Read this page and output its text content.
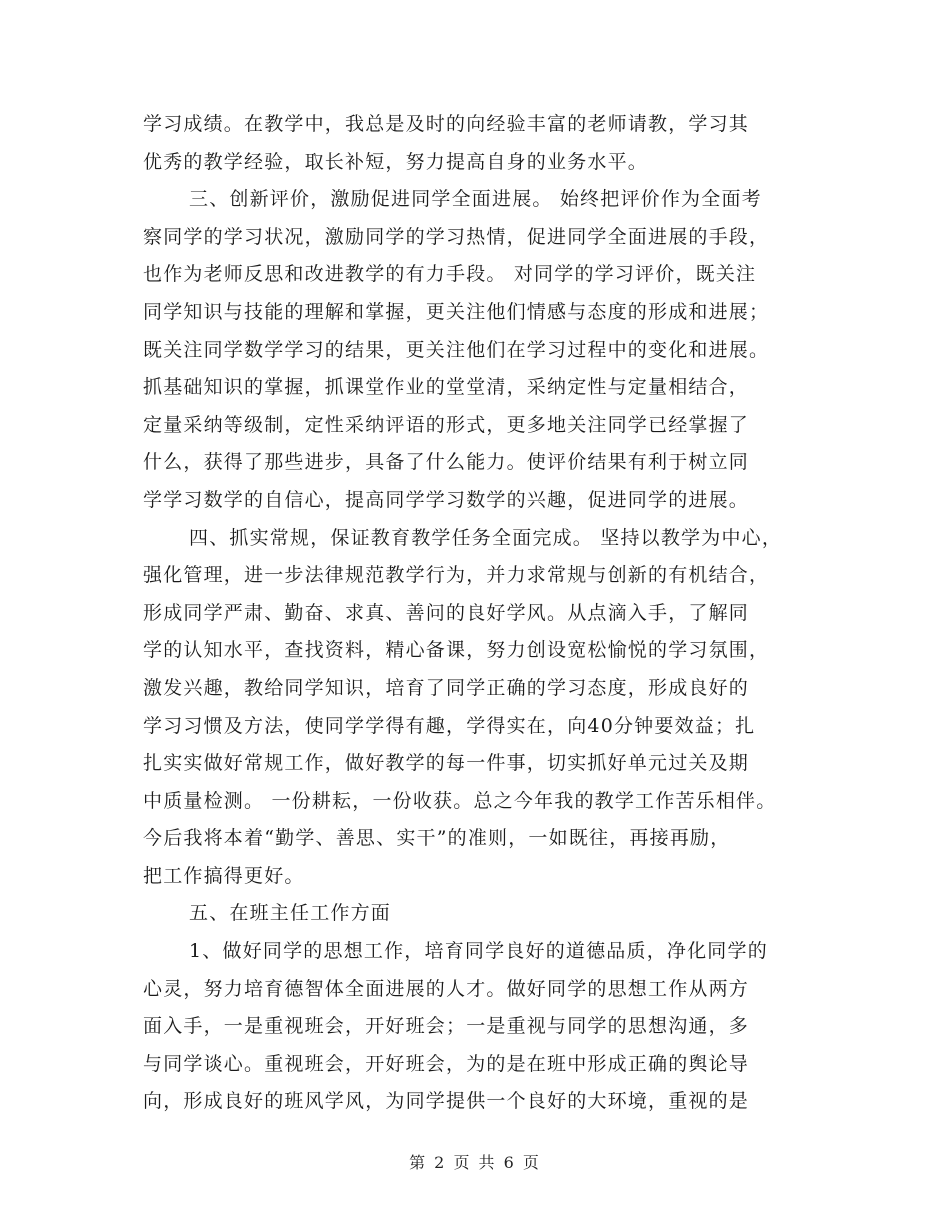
学习成绩。在教学中，我总是及时的向经验丰富的老师请教，学习其
优秀的教学经验，取长补短，努力提高自身的业务水平。
三、创新评价，激励促进同学全面进展。 始终把评价作为全面考
察同学的学习状况，激励同学的学习热情，促进同学全面进展的手段，
也作为老师反思和改进教学的有力手段。 对同学的学习评价，既关注
同学知识与技能的理解和掌握，更关注他们情感与态度的形成和进展；
既关注同学数学学习的结果，更关注他们在学习过程中的变化和进展。
抓基础知识的掌握，抓课堂作业的堂堂清，采纳定性与定量相结合，
定量采纳等级制，定性采纳评语的形式，更多地关注同学已经掌握了
什么，获得了那些进步，具备了什么能力。使评价结果有利于树立同
学学习数学的自信心，提高同学学习数学的兴趣，促进同学的进展。
四、抓实常规，保证教育教学任务全面完成。 坚持以教学为中心，
强化管理，进一步法律规范教学行为，并力求常规与创新的有机结合，
形成同学严肃、勤奋、求真、善问的良好学风。从点滴入手，了解同
学的认知水平，查找资料，精心备课，努力创设宽松愉悦的学习氛围，
激发兴趣，教给同学知识，培育了同学正确的学习态度，形成良好的
学习习惯及方法，使同学学得有趣，学得实在，向40分钟要效益；扎
扎实实做好常规工作，做好教学的每一件事，切实抓好单元过关及期
中质量检测。 一份耕耘，一份收获。总之今年我的教学工作苦乐相伴。
今后我将本着“勤学、善思、实干”的准则，一如既往，再接再励，
把工作搞得更好。
五、在班主任工作方面
1、做好同学的思想工作，培育同学良好的道德品质，净化同学的
心灵，努力培育德智体全面进展的人才。做好同学的思想工作从两方
面入手，一是重视班会，开好班会；一是重视与同学的思想沟通，多
与同学谈心。重视班会，开好班会，为的是在班中形成正确的舆论导
向，形成良好的班风学风，为同学提供一个良好的大环境，重视的是
第 2 页 共 6 页
